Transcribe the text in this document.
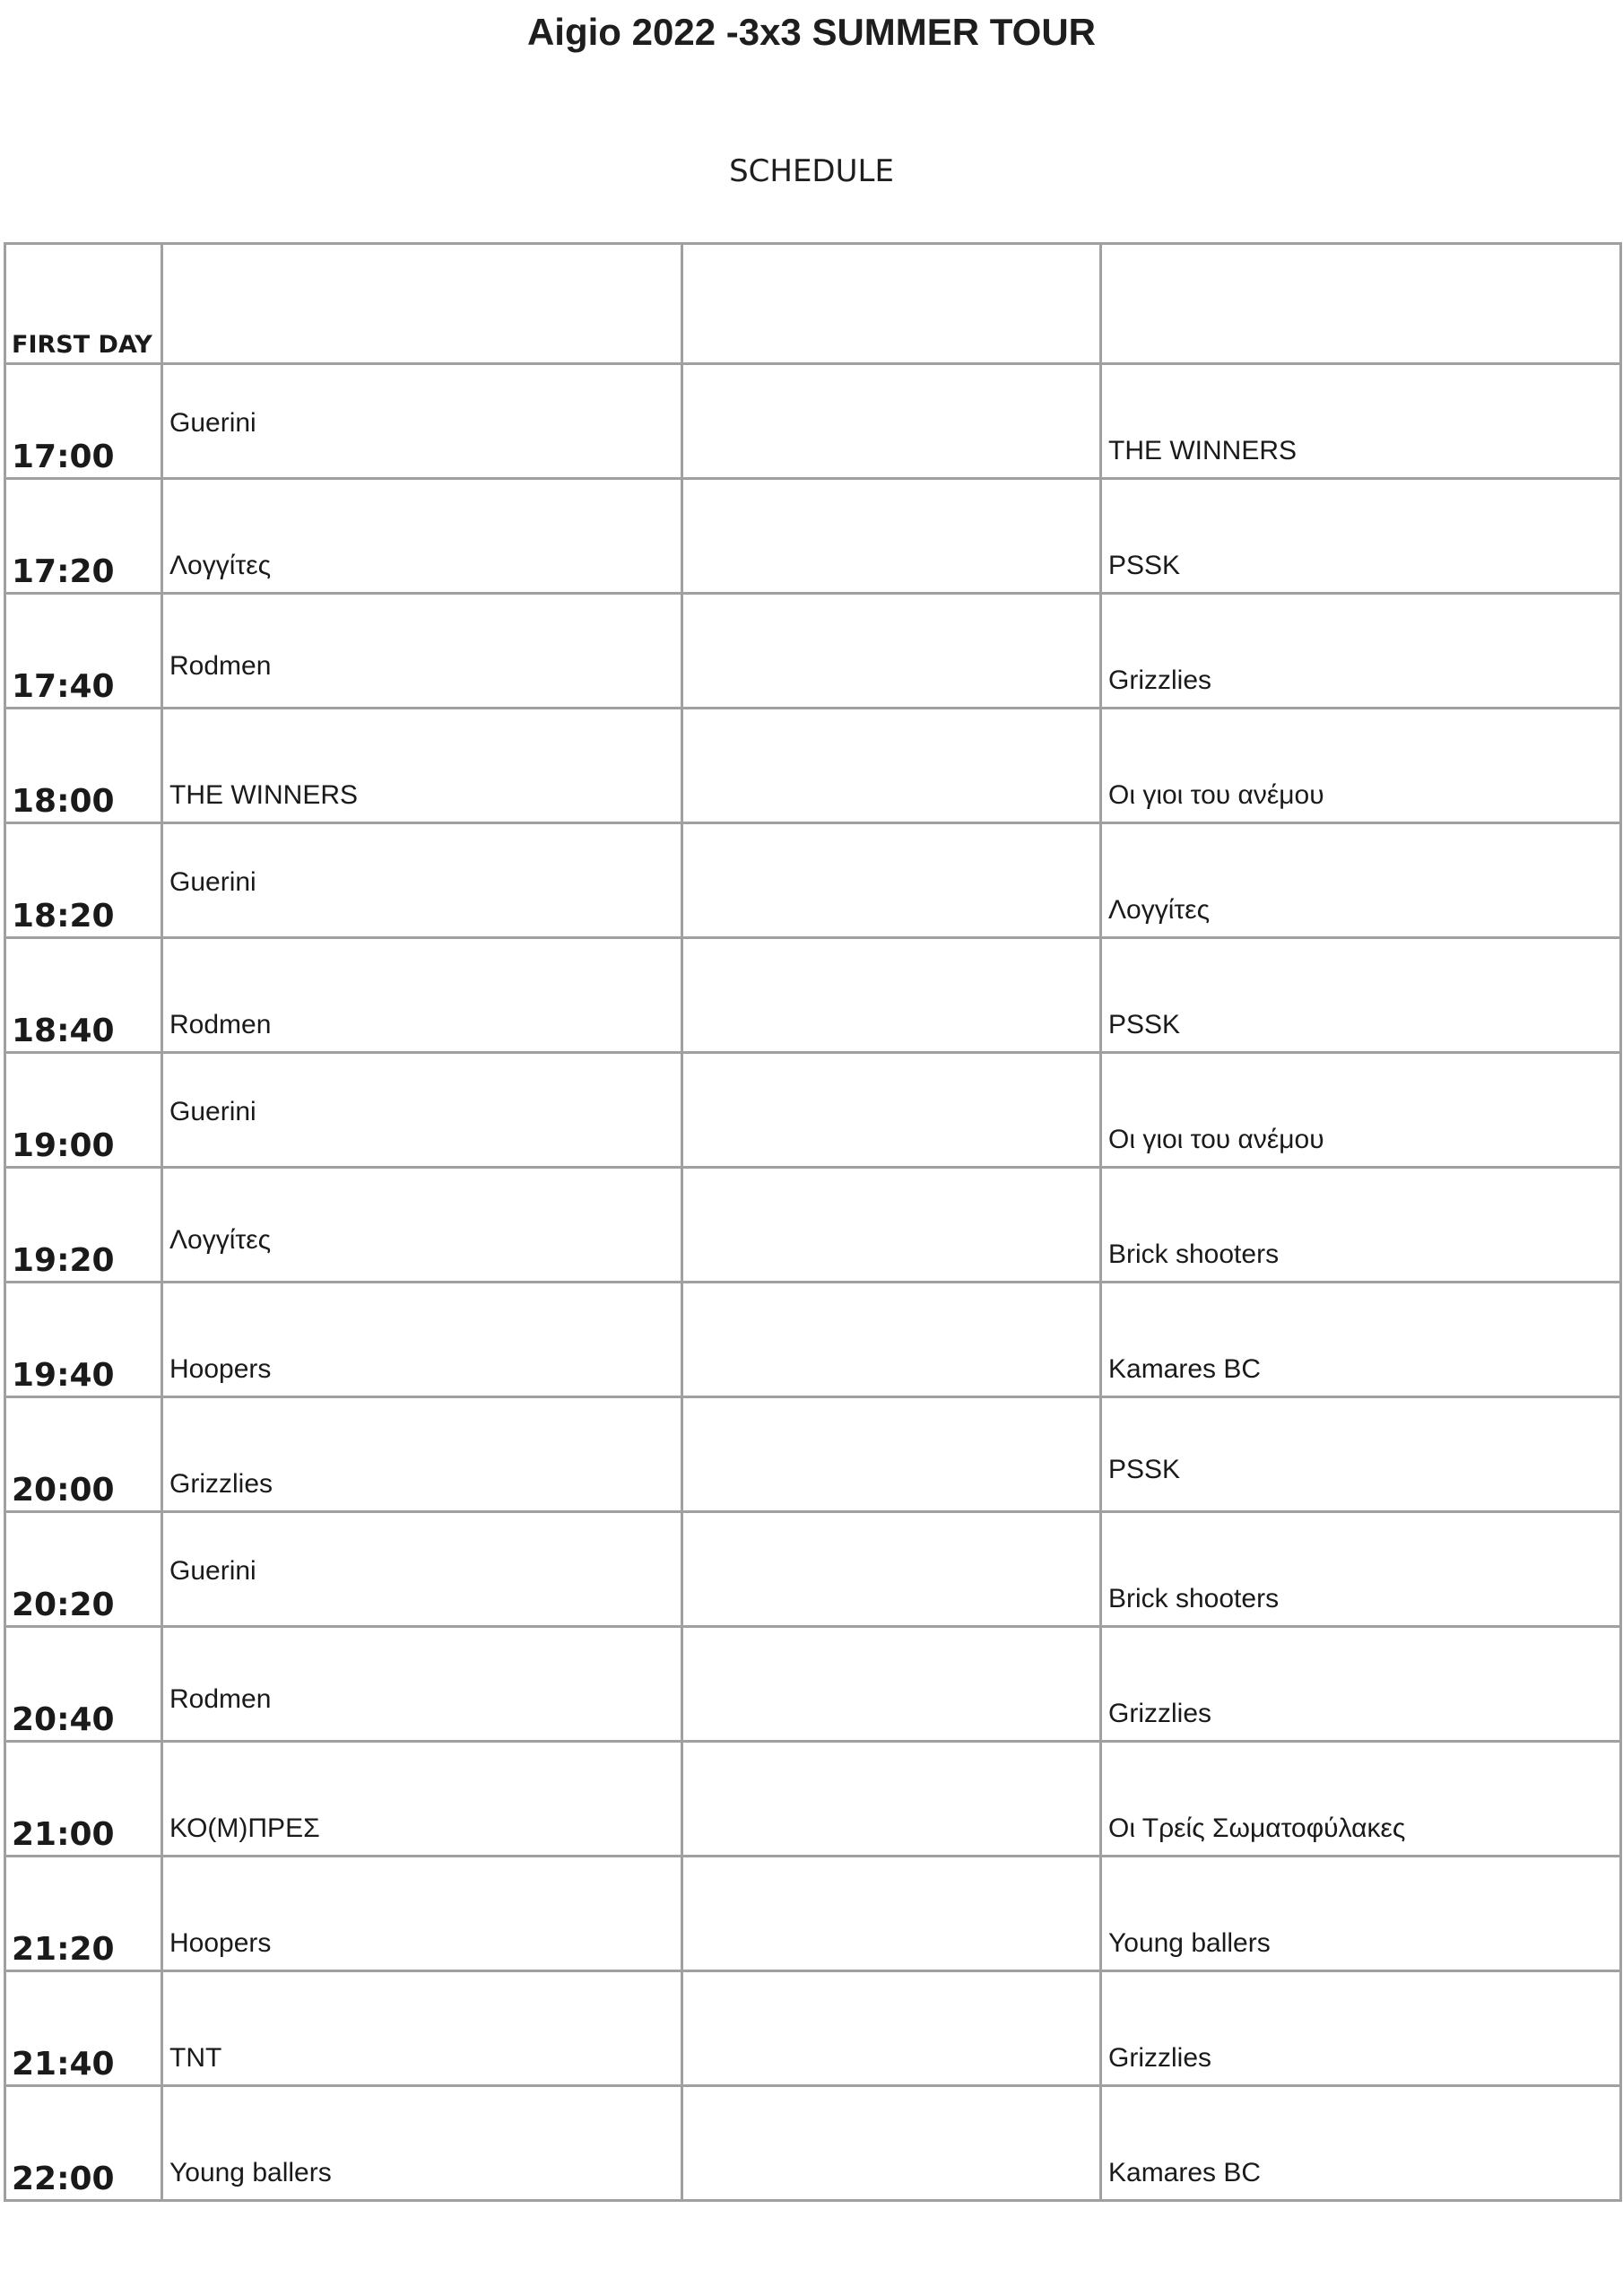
Aigio 2022 -3x3 SUMMER TOUR
SCHEDULE
FIRST DAY			

17:00	Guerini		THE WINNERS

17:20	Λογγίτες		PSSK

17:40	Rodmen		Grizzlies

18:00	THE WINNERS		Οι γιοι του ανέμου

18:20	Guerini		Λογγίτες

18:40	Rodmen		PSSK

19:00	Guerini		Οι γιοι του ανέμου

19:20	Λογγίτες		Brick shooters

19:40	Hoopers		Kamares BC

20:00	Grizzlies		PSSK

20:20	Guerini		Brick shooters

20:40	Rodmen		Grizzlies

21:00	ΚΟ(Μ)ΠΡΕΣ		Οι Τρείς Σωματοφύλακες

21:20	Hoopers		Young ballers

21:40	TNT		Grizzlies

22:00	Young ballers		Kamares BC
